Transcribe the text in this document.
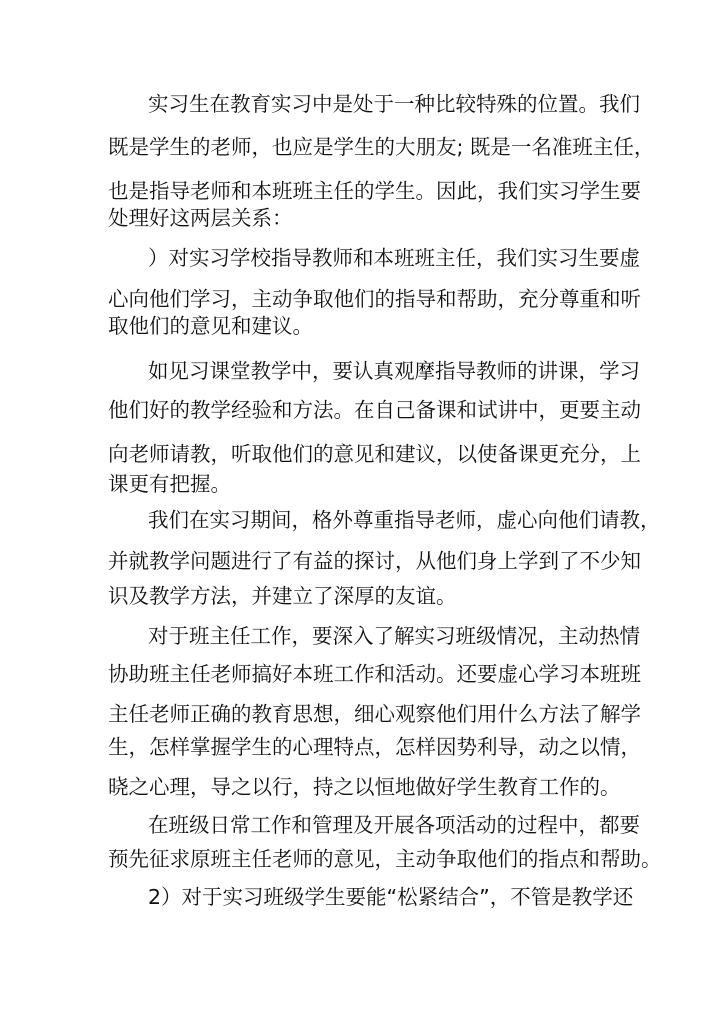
实习生在教育实习中是处于一种比较特殊的位置。我们
既是学生的老师，也应是学生的大朋友; 既是一名准班主任，
也是指导老师和本班班主任的学生。因此，我们实习学生要
处理好这两层关系：
）对实习学校指导教师和本班班主任，我们实习生要虚
心向他们学习，主动争取他们的指导和帮助，充分尊重和听
取他们的意见和建议。
如见习课堂教学中，要认真观摩指导教师的讲课，学习
他们好的教学经验和方法。在自己备课和试讲中，更要主动
向老师请教，听取他们的意见和建议，以使备课更充分，上
课更有把握。
我们在实习期间，格外尊重指导老师，虚心向他们请教，
并就教学问题进行了有益的探讨，从他们身上学到了不少知
识及教学方法，并建立了深厚的友谊。
对于班主任工作，要深入了解实习班级情况，主动热情
协助班主任老师搞好本班工作和活动。还要虚心学习本班班
主任老师正确的教育思想，细心观察他们用什么方法了解学
生，怎样掌握学生的心理特点，怎样因势利导，动之以情，
晓之心理，导之以行，持之以恒地做好学生教育工作的。
在班级日常工作和管理及开展各项活动的过程中，都要
预先征求原班主任老师的意见，主动争取他们的指点和帮助。
2）对于实习班级学生要能“松紧结合”，不管是教学还
